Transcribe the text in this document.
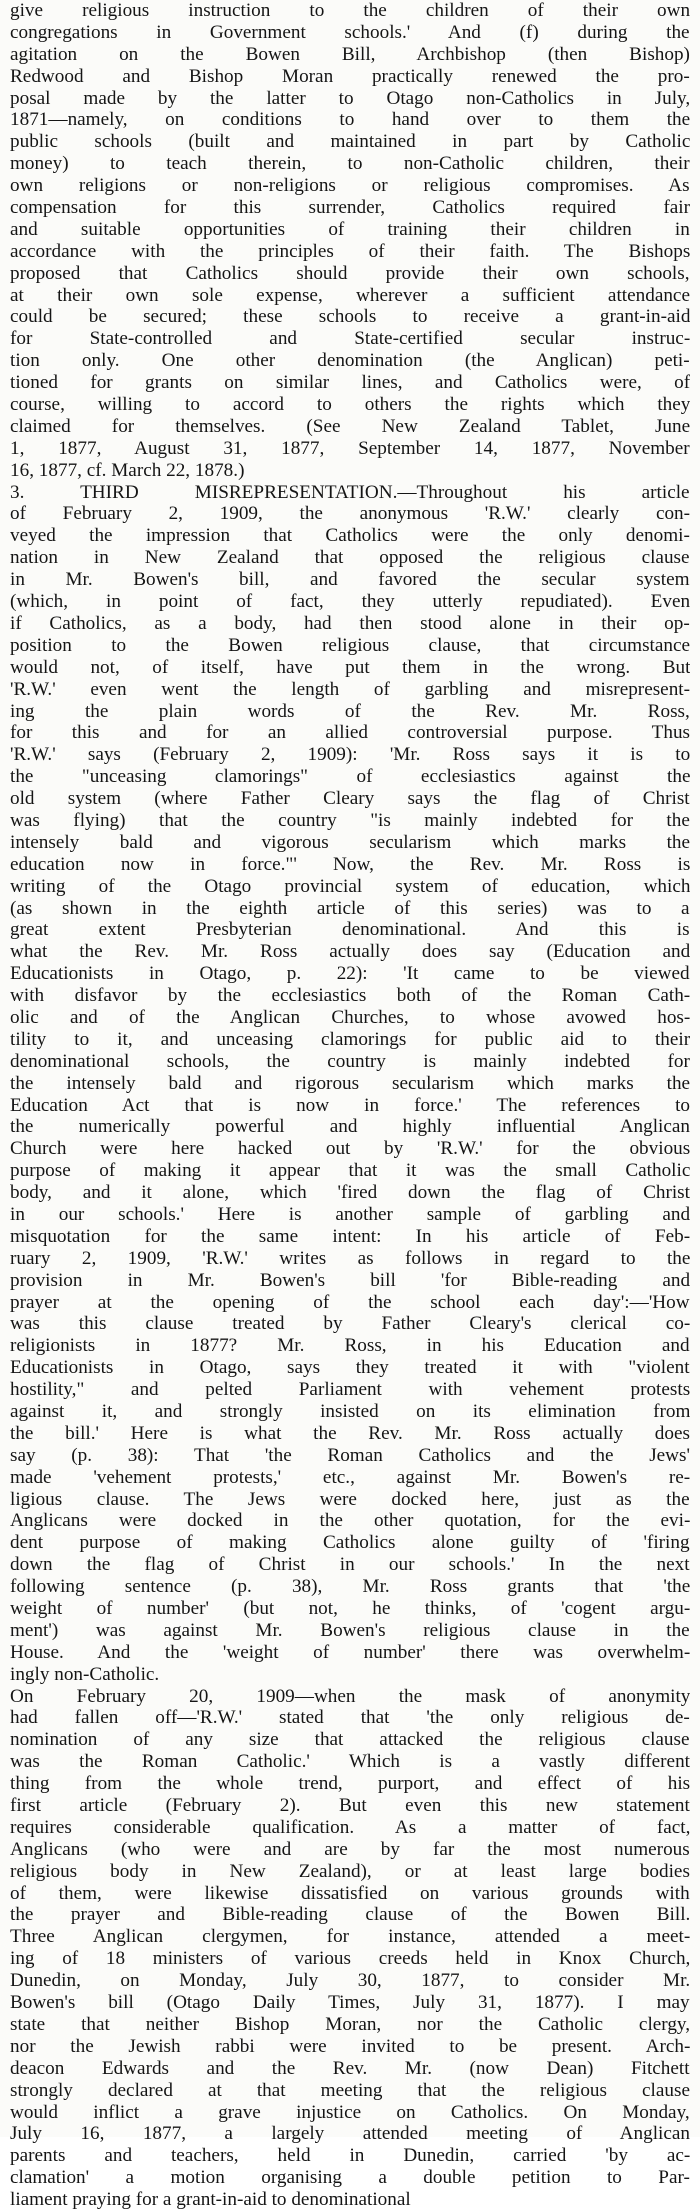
give religious instruction to the children of their own
congregations in Government schools.' And (f) during the
agitation on the Bowen Bill, Archbishop (then Bishop)
Redwood and Bishop Moran practically renewed the pro-
posal made by the latter to Otago non-Catholics in July,
1871—namely, on conditions to hand over to them the
public schools (built and maintained in part by Catholic
money) to teach therein, to non-Catholic children, their
own religions or non-religions or religious compromises. As
compensation for this surrender, Catholics required fair
and suitable opportunities of training their children in
accordance with the principles of their faith. The Bishops
proposed that Catholics should provide their own schools,
at their own sole expense, wherever a sufficient attendance
could be secured; these schools to receive a grant-in-aid
for State-controlled and State-certified secular instruc-
tion only. One other denomination (the Anglican) peti-
tioned for grants on similar lines, and Catholics were, of
course, willing to accord to others the rights which they
claimed for themselves. (See New Zealand Tablet, June
1, 1877, August 31, 1877, September 14, 1877, November
16, 1877, cf. March 22, 1878.)
3. THIRD MISREPRESENTATION.—Throughout his article
of February 2, 1909, the anonymous 'R.W.' clearly con-
veyed the impression that Catholics were the only denomi-
nation in New Zealand that opposed the religious clause
in Mr. Bowen's bill, and favored the secular system
(which, in point of fact, they utterly repudiated). Even
if Catholics, as a body, had then stood alone in their op-
position to the Bowen religious clause, that circumstance
would not, of itself, have put them in the wrong. But
'R.W.' even went the length of garbling and misrepresent-
ing the plain words of the Rev. Mr. Ross,
for this and for an allied controversial purpose. Thus
'R.W.' says (February 2, 1909): 'Mr. Ross says it is to
the "unceasing clamorings" of ecclesiastics against the
old system (where Father Cleary says the flag of Christ
was flying) that the country "is mainly indebted for the
intensely bald and vigorous secularism which marks the
education now in force."' Now, the Rev. Mr. Ross is
writing of the Otago provincial system of education, which
(as shown in the eighth article of this series) was to a
great extent Presbyterian denominational. And this is
what the Rev. Mr. Ross actually does say (Education and
Educationists in Otago, p. 22): 'It came to be viewed
with disfavor by the ecclesiastics both of the Roman Cath-
olic and of the Anglican Churches, to whose avowed hos-
tility to it, and unceasing clamorings for public aid to their
denominational schools, the country is mainly indebted for
the intensely bald and rigorous secularism which marks the
Education Act that is now in force.' The references to
the numerically powerful and highly influential Anglican
Church were here hacked out by 'R.W.' for the obvious
purpose of making it appear that it was the small Catholic
body, and it alone, which 'fired down the flag of Christ
in our schools.' Here is another sample of garbling and
misquotation for the same intent: In his article of Feb-
ruary 2, 1909, 'R.W.' writes as follows in regard to the
provision in Mr. Bowen's bill 'for Bible-reading and
prayer at the opening of the school each day':—'How
was this clause treated by Father Cleary's clerical co-
religionists in 1877? Mr. Ross, in his Education and
Educationists in Otago, says they treated it with "violent
hostility," and pelted Parliament with vehement protests
against it, and strongly insisted on its elimination from
the bill.' Here is what the Rev. Mr. Ross actually does
say (p. 38): That 'the Roman Catholics and the Jews'
made 'vehement protests,' etc., against Mr. Bowen's re-
ligious clause. The Jews were docked here, just as the
Anglicans were docked in the other quotation, for the evi-
dent purpose of making Catholics alone guilty of 'firing
down the flag of Christ in our schools.' In the next
following sentence (p. 38), Mr. Ross grants that 'the
weight of number' (but not, he thinks, of 'cogent argu-
ment') was against Mr. Bowen's religious clause in the
House. And the 'weight of number' there was overwhelm-
ingly non-Catholic.
On February 20, 1909—when the mask of anonymity
had fallen off—'R.W.' stated that 'the only religious de-
nomination of any size that attacked the religious clause
was the Roman Catholic.' Which is a vastly different
thing from the whole trend, purport, and effect of his
first article (February 2). But even this new statement
requires considerable qualification. As a matter of fact,
Anglicans (who were and are by far the most numerous
religious body in New Zealand), or at least large bodies
of them, were likewise dissatisfied on various grounds with
the prayer and Bible-reading clause of the Bowen Bill.
Three Anglican clergymen, for instance, attended a meet-
ing of 18 ministers of various creeds held in Knox Church,
Dunedin, on Monday, July 30, 1877, to consider Mr.
Bowen's bill (Otago Daily Times, July 31, 1877). I may
state that neither Bishop Moran, nor the Catholic clergy,
nor the Jewish rabbi were invited to be present. Arch-
deacon Edwards and the Rev. Mr. (now Dean) Fitchett
strongly declared at that meeting that the religious clause
would inflict a grave injustice on Catholics. On Monday,
July 16, 1877, a largely attended meeting of Anglican
parents and teachers, held in Dunedin, carried 'by ac-
clamation' a motion organising a double petition to Par-
liament praying for a grant-in-aid to denominational
